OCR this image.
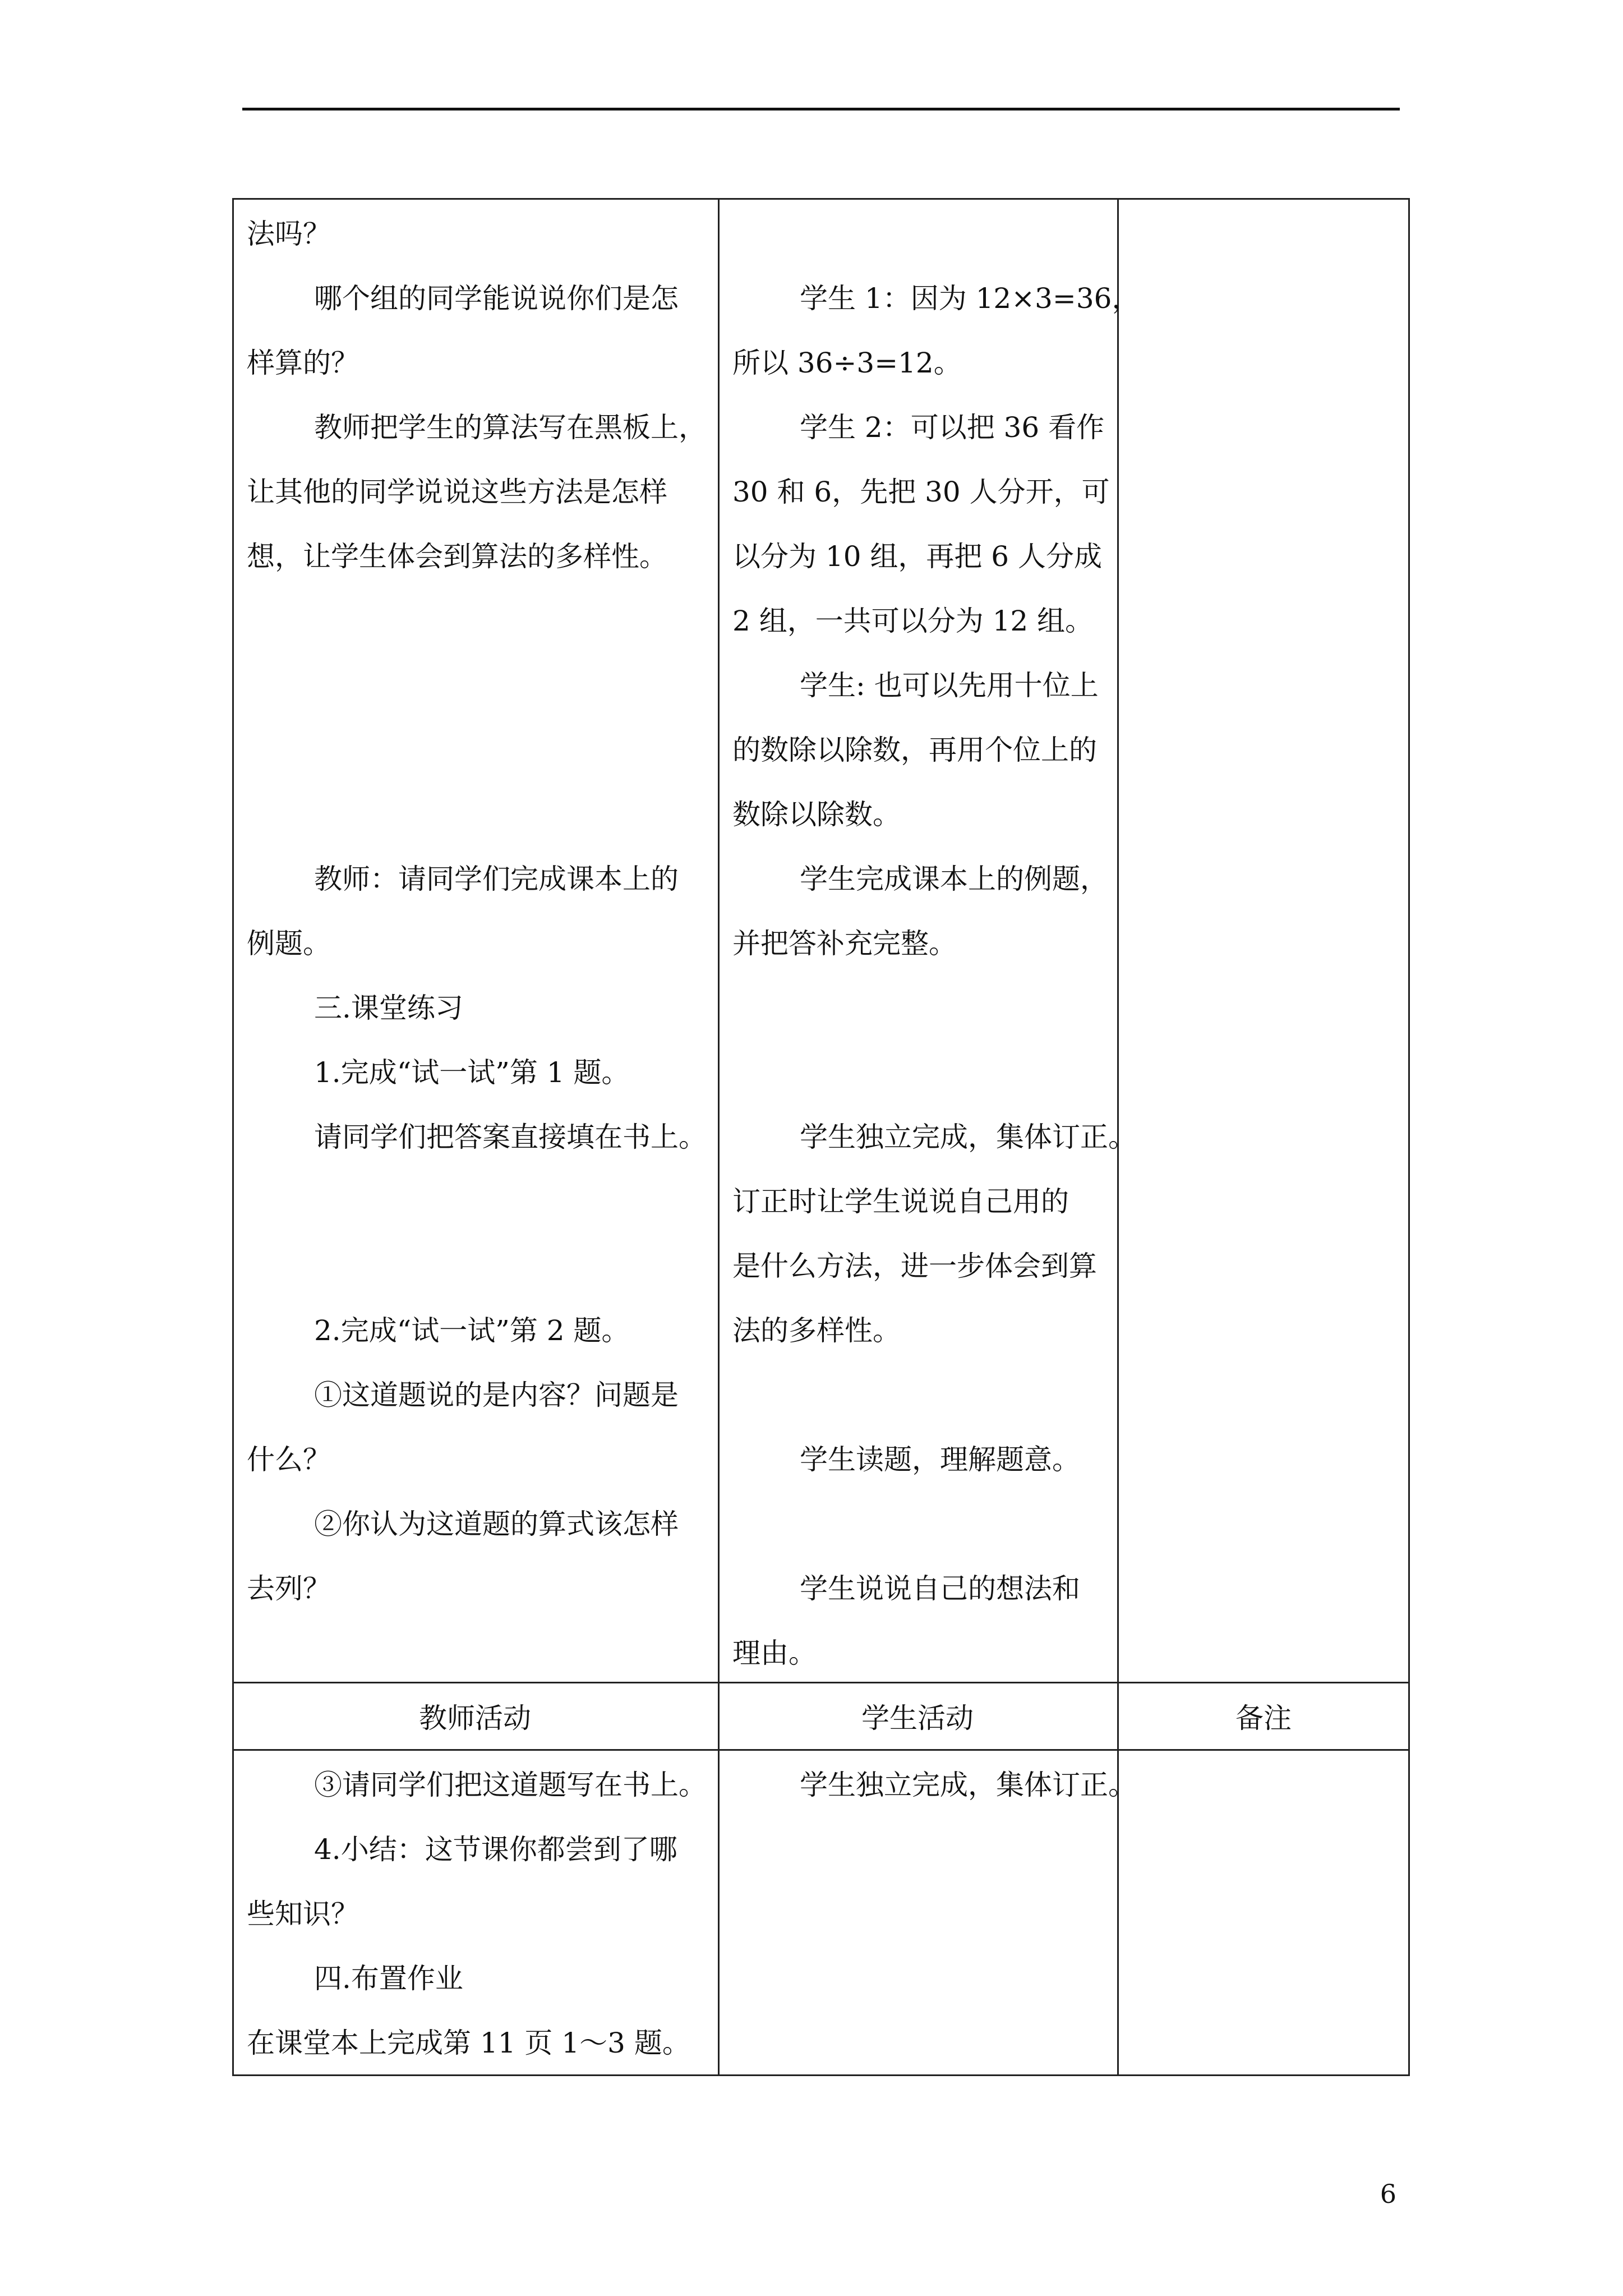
法吗？

哪个组的同学能说说你们是怎

样算的？

教师把学生的算法写在黑板上，

让其他的同学说说这些方法是怎样

想，让学生体会到算法的多样性。

教师：请同学们完成课本上的

例题。

三.课堂练习

1.完成“试一试”第 1 题。

请同学们把答案直接填在书上。

2.完成“试一试”第 2 题。

①这道题说的是内容？问题是

什么？

②你认为这道题的算式该怎样

去列？

学生 1：因为 12×3=36，

所以 36÷3=12。

学生 2：可以把 36 看作

30 和 6，先把 30 人分开，可

以分为 10 组，再把 6 人分成

2 组，一共可以分为 12 组。

学生: 也可以先用十位上

的数除以除数，再用个位上的

数除以除数。

学生完成课本上的例题，

并把答补充完整。

学生独立完成，集体订正。

订正时让学生说说自己用的

是什么方法，进一步体会到算

法的多样性。

学生读题，理解题意。

学生说说自己的想法和

理由。

教师活动	学生活动	备注

③请同学们把这道题写在书上。

4.小结：这节课你都尝到了哪

些知识？

四.布置作业

在课堂本上完成第 11 页 1～3 题。

学生独立完成，集体订正。

6
